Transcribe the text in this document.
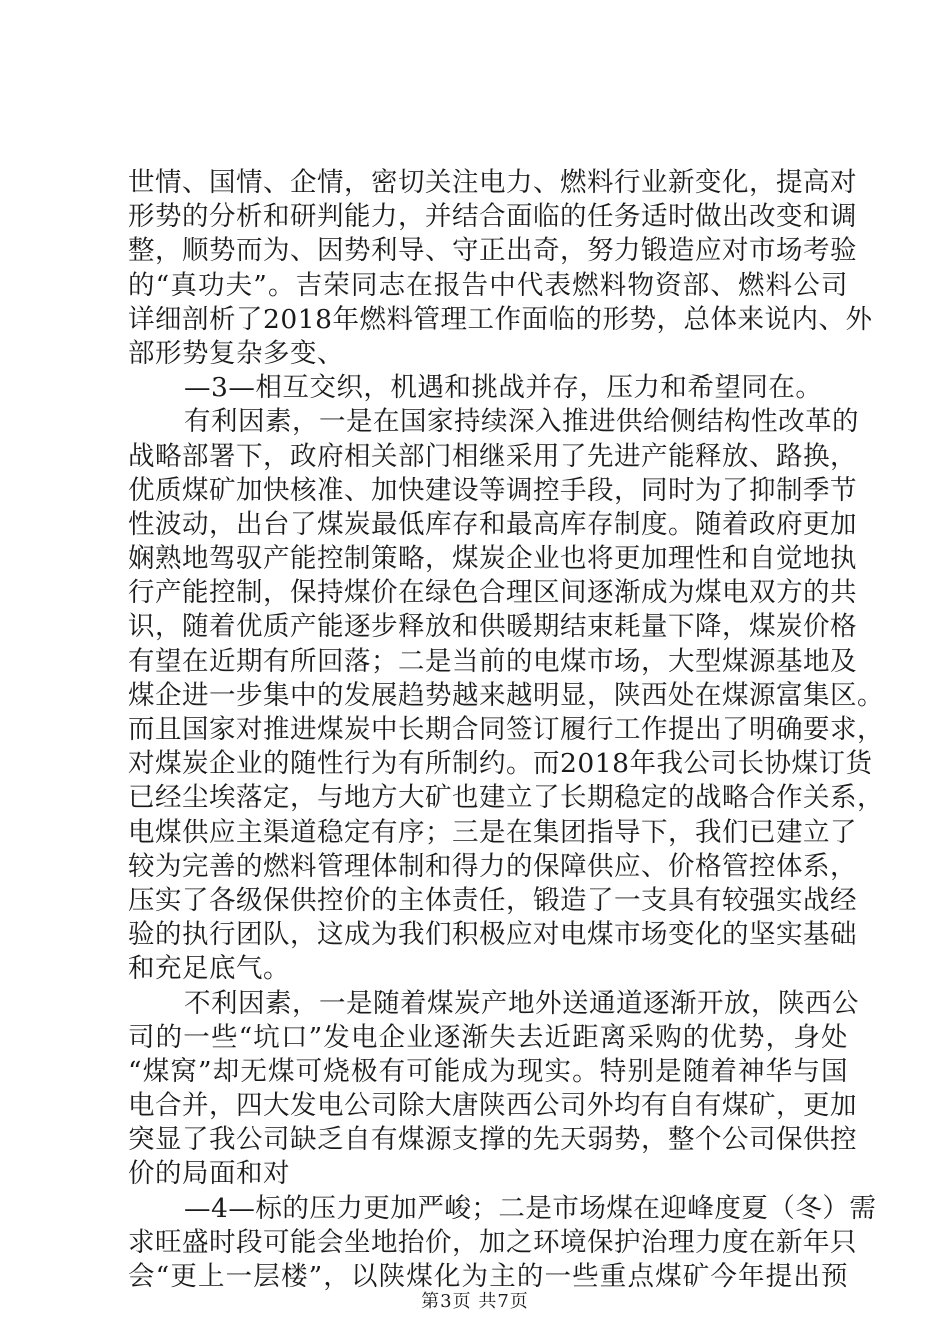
世情、国情、企情，密切关注电力、燃料行业新变化，提高对
形势的分析和研判能力，并结合面临的任务适时做出改变和调
整，顺势而为、因势利导、守正出奇，努力锻造应对市场考验
的“真功夫”。吉荣同志在报告中代表燃料物资部、燃料公司
详细剖析了2018年燃料管理工作面临的形势，总体来说内、外
部形势复杂多变、
—3—相互交织，机遇和挑战并存，压力和希望同在。
有利因素，一是在国家持续深入推进供给侧结构性改革的
战略部署下，政府相关部门相继采用了先进产能释放、路换，
优质煤矿加快核准、加快建设等调控手段，同时为了抑制季节
性波动，出台了煤炭最低库存和最高库存制度。随着政府更加
娴熟地驾驭产能控制策略，煤炭企业也将更加理性和自觉地执
行产能控制，保持煤价在绿色合理区间逐渐成为煤电双方的共
识，随着优质产能逐步释放和供暖期结束耗量下降，煤炭价格
有望在近期有所回落；二是当前的电煤市场，大型煤源基地及
煤企进一步集中的发展趋势越来越明显，陕西处在煤源富集区。
而且国家对推进煤炭中长期合同签订履行工作提出了明确要求，
对煤炭企业的随性行为有所制约。而2018年我公司长协煤订货
已经尘埃落定，与地方大矿也建立了长期稳定的战略合作关系，
电煤供应主渠道稳定有序；三是在集团指导下，我们已建立了
较为完善的燃料管理体制和得力的保障供应、价格管控体系，
压实了各级保供控价的主体责任，锻造了一支具有较强实战经
验的执行团队，这成为我们积极应对电煤市场变化的坚实基础
和充足底气。
不利因素，一是随着煤炭产地外送通道逐渐开放，陕西公
司的一些“坑口”发电企业逐渐失去近距离采购的优势，身处
“煤窝”却无煤可烧极有可能成为现实。特别是随着神华与国
电合并，四大发电公司除大唐陕西公司外均有自有煤矿，更加
突显了我公司缺乏自有煤源支撑的先天弱势，整个公司保供控
价的局面和对
—4—标的压力更加严峻；二是市场煤在迎峰度夏（冬）需
求旺盛时段可能会坐地抬价，加之环境保护治理力度在新年只
会“更上一层楼”，以陕煤化为主的一些重点煤矿今年提出预
第3页 共7页
